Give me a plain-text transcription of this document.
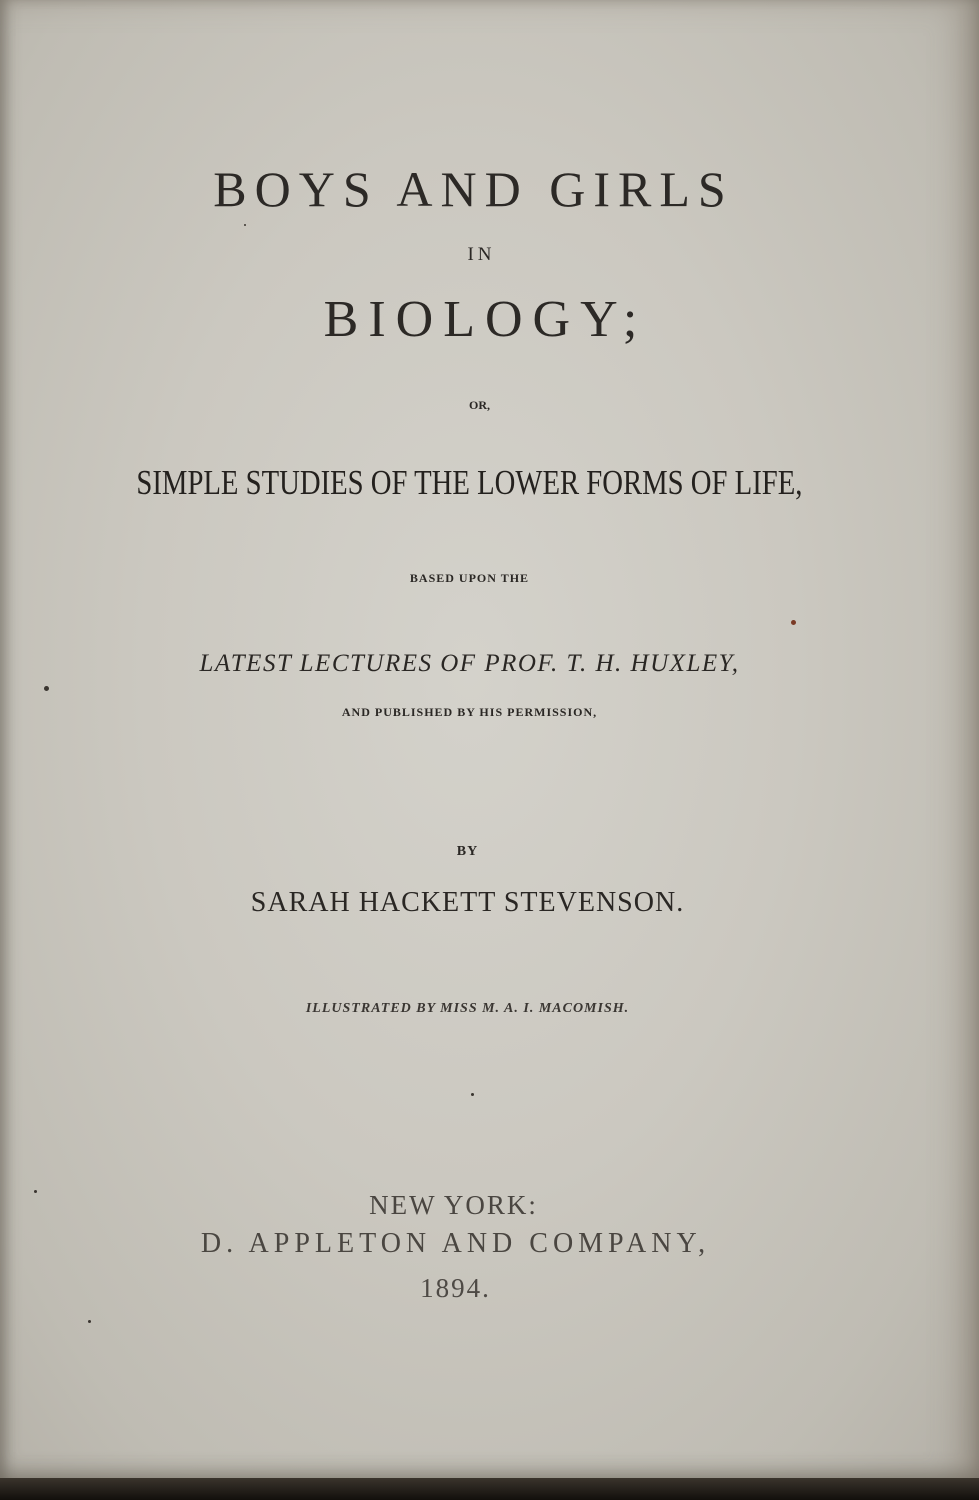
BOYS AND GIRLS
IN
BIOLOGY;
OR,
SIMPLE STUDIES OF THE LOWER FORMS OF LIFE,
BASED UPON THE
LATEST LECTURES OF PROF. T. H. HUXLEY,
AND PUBLISHED BY HIS PERMISSION,
BY
SARAH HACKETT STEVENSON.
ILLUSTRATED BY MISS M. A. I. MACOMISH.
NEW YORK:
D. APPLETON AND COMPANY,
1894.
